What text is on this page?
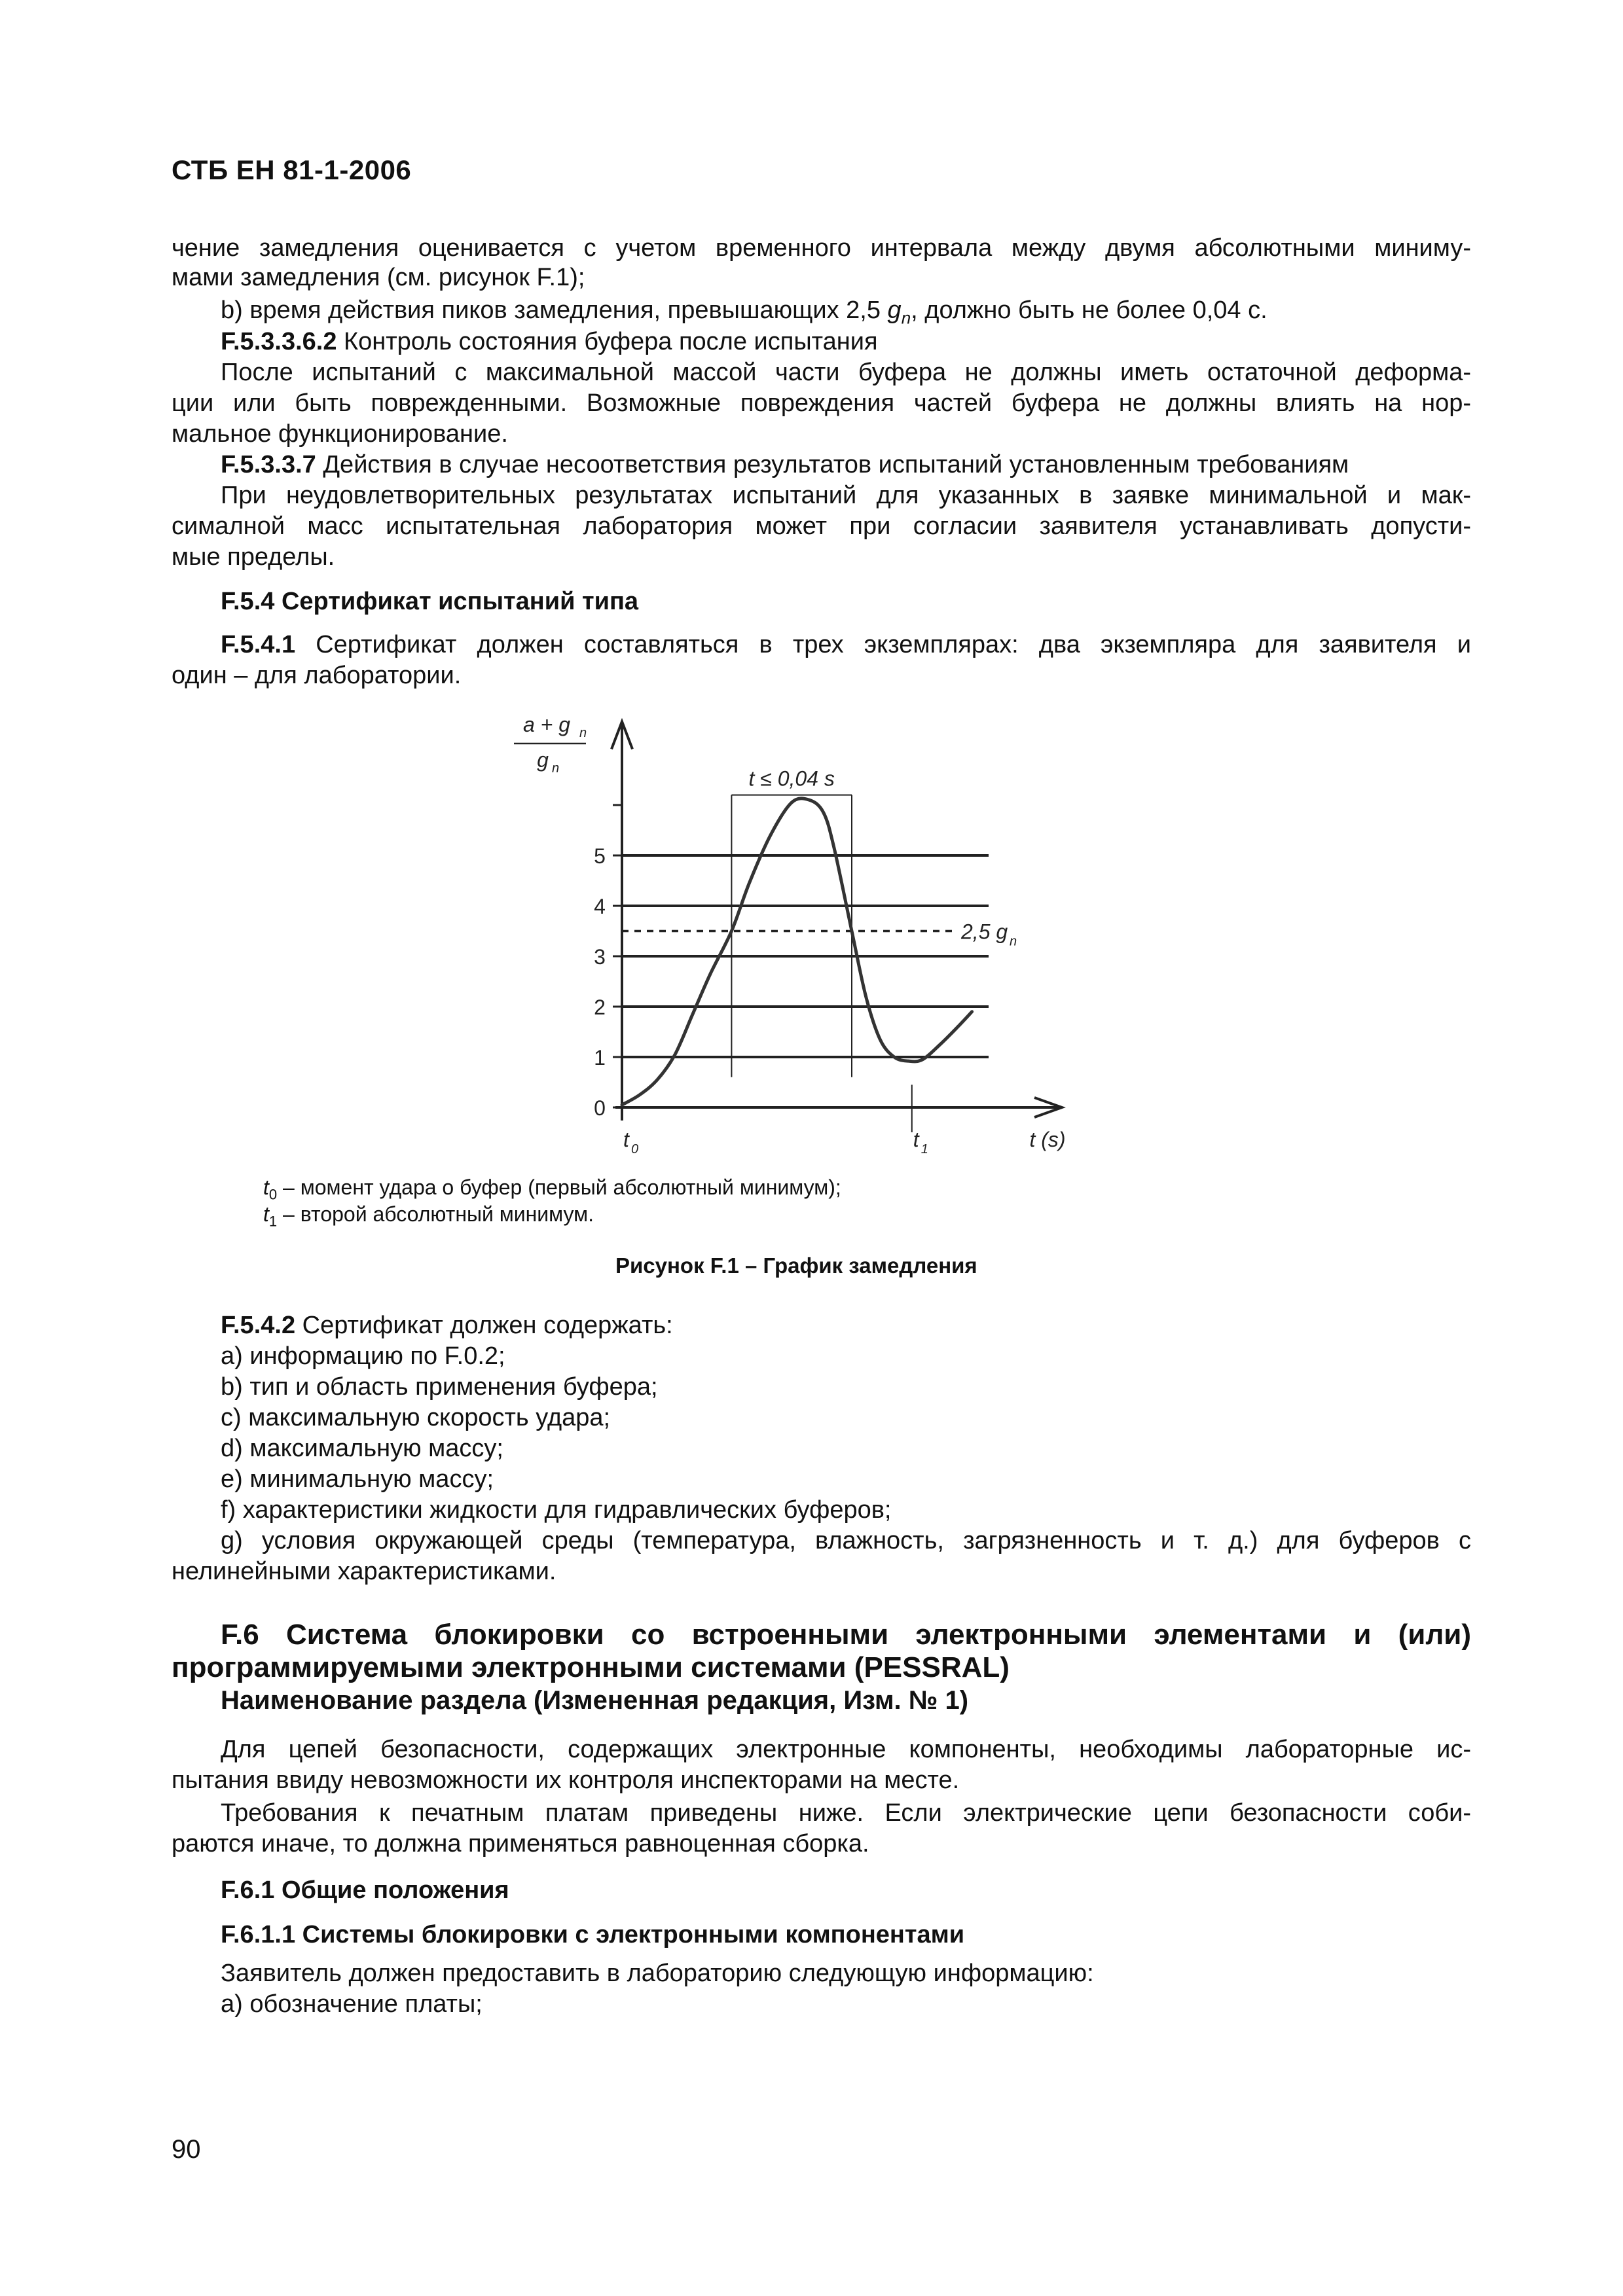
СТБ ЕН 81-1-2006
чение замедления оценивается с учетом временного интервала между двумя абсолютными миниму-
мами замедления (см. рисунок F.1);
b) время действия пиков замедления, превышающих 2,5 $g_n$, должно быть не более 0,04 с.
F.5.3.3.6.2 Контроль состояния буфера после испытания
После испытаний с максимальной массой части буфера не должны иметь остаточной деформа-
ции или быть поврежденными. Возможные повреждения частей буфера не должны влиять на нор-
мальное функционирование.
F.5.3.3.7 Действия в случае несоответствия результатов испытаний установленным требованиям
При неудовлетворительных результатах испытаний для указанных в заявке минимальной и мак-
сималной масс испытательная лаборатория может при согласии заявителя устанавливать допусти-
мые пределы.
F.5.4 Сертификат испытаний типа
F.5.4.1 Сертификат должен составляться в трех экземплярах: два экземпляра для заявителя и
один – для лаборатории.
0
1
2
3
4
5
a + g n
g n
2,5 g n
t ≤ 0,04 s
t 0	t 1	t (s)
$t_0$ – момент удара о буфер (первый абсолютный минимум);
$t_1$ – второй абсолютный минимум.
Рисунок F.1 – График замедления
F.5.4.2 Сертификат должен содержать:
a) информацию по F.0.2;
b) тип и область применения буфера;
c) максимальную скорость удара;
d) максимальную массу;
e) минимальную массу;
f) характеристики жидкости для гидравлических буферов;
g) условия окружающей среды (температура, влажность, загрязненность и т. д.) для буферов с
нелинейными характеристиками.
F.6 Система блокировки со встроенными электронными элементами и (или)
программируемыми электронными системами (PESSRAL)
Наименование раздела (Измененная редакция, Изм. № 1)
Для цепей безопасности, содержащих электронные компоненты, необходимы лабораторные ис-
пытания ввиду невозможности их контроля инспекторами на месте.
Требования к печатным платам приведены ниже. Если электрические цепи безопасности соби-
раются иначе, то должна применяться равноценная сборка.
F.6.1 Общие положения
F.6.1.1 Системы блокировки с электронными компонентами
Заявитель должен предоставить в лабораторию следующую информацию:
a) обозначение платы;
90
